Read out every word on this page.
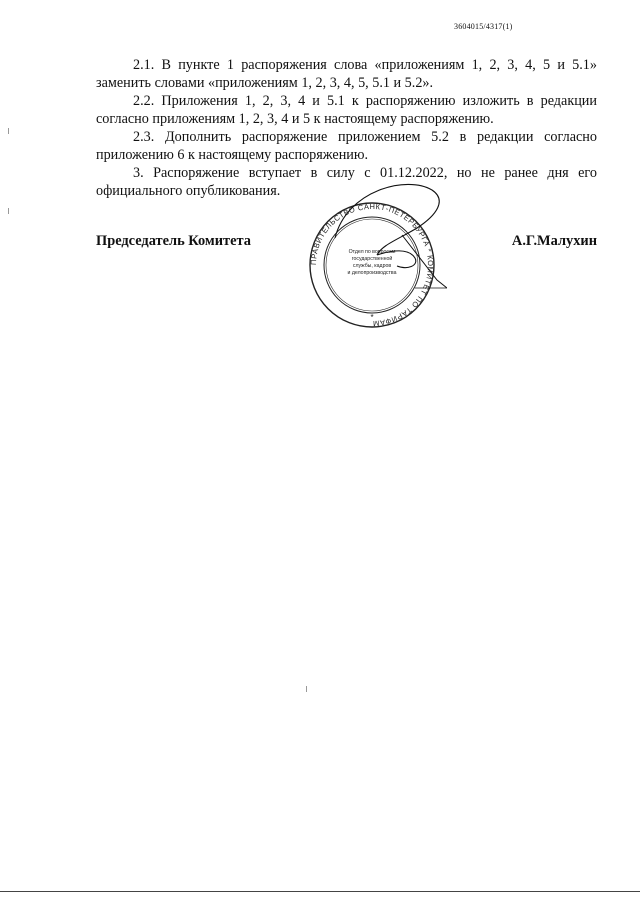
3604015/4317(1)

2.1. В пункте 1 распоряжения слова «приложениям 1, 2, 3, 4, 5 и 5.1» заменить словами «приложениям 1, 2, 3, 4, 5, 5.1 и 5.2».

2.2. Приложения 1, 2, 3, 4 и 5.1 к распоряжению изложить в редакции согласно приложениям 1, 2, 3, 4 и 5 к настоящему распоряжению.

2.3. Дополнить распоряжение приложением 5.2 в редакции согласно приложению 6 к настоящему распоряжению.

3. Распоряжение вступает в силу с 01.12.2022, но не ранее дня его официального опубликования.

ПРАВИТЕЛЬСТВО САНКТ-ПЕТЕРБУРГА * КОМИТЕТ ПО ТАРИФАМ
Отдел по вопросам
государственной
службы, кадров
и делопроизводства
*
Председатель Комитета	А.Г.Малухин
